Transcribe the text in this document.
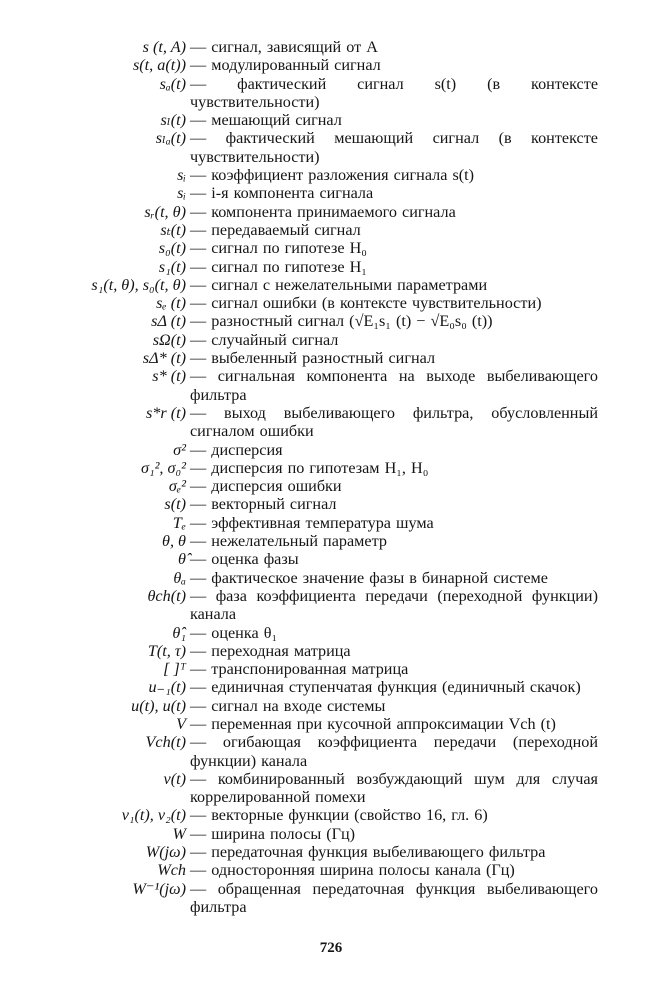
s (t, A) — сигнал, зависящий от A
s(t, a(t)) — модулированный сигнал
sₐ(t) — фактический сигнал s(t) (в контексте чувствительности)
sₗ(t) — мешающий сигнал
sₗₐ(t) — фактический мешающий сигнал (в контексте чувствительности)
sᵢ — коэффициент разложения сигнала s(t)
sᵢ — i-я компонента сигнала
sᵣ(t, θ) — компонента принимаемого сигнала
sₜ(t) — передаваемый сигнал
s₀(t) — сигнал по гипотезе H₀
s₁(t) — сигнал по гипотезе H₁
s₁(t, θ), s₀(t, θ) — сигнал с нежелательными параметрами
sₑ (t) — сигнал ошибки (в контексте чувствительности)
sΔ (t) — разностный сигнал (√E₁s₁ (t) − √E₀s₀ (t))
sΩ(t) — случайный сигнал
sΔ* (t) — выбеленный разностный сигнал
s* (t) — сигнальная компонента на выходе выбеливающего фильтра
s*r (t) — выход выбеливающего фильтра, обусловленный сигналом ошибки
σ² — дисперсия
σ₁², σ₀² — дисперсия по гипотезам H₁, H₀
σₑ² — дисперсия ошибки
s(t) — векторный сигнал
Tₑ — эффективная температура шума
θ, θ — нежелательный параметр
θ̂ — оценка фазы
θₐ — фактическое значение фазы в бинарной системе
θch(t) — фаза коэффициента передачи (переходной функции) канала
θ̂₁ — оценка θ₁
T(t, τ) — переходная матрица
[ ]ᵀ — транспонированная матрица
u₋₁(t) — единичная ступенчатая функция (единичный скачок)
u(t), u(t) — сигнал на входе системы
V — переменная при кусочной аппроксимации Vch (t)
Vch(t) — огибающая коэффициента передачи (переходной функции) канала
v(t) — комбинированный возбуждающий шум для случая коррелированной помехи
v₁(t), v₂(t) — векторные функции (свойство 16, гл. 6)
W — ширина полосы (Гц)
W(jω) — передаточная функция выбеливающего фильтра
Wch — односторонняя ширина полосы канала (Гц)
W⁻¹(jω) — обращенная передаточная функция выбеливающего фильтра
726
